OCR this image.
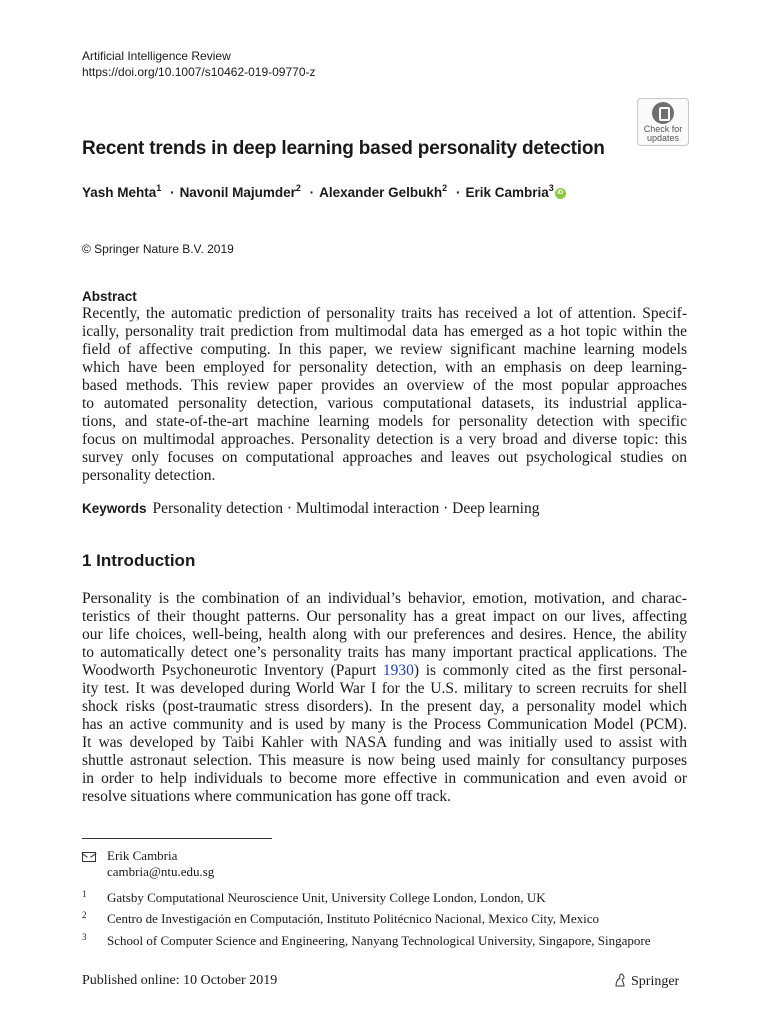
Artificial Intelligence Review
https://doi.org/10.1007/s10462-019-09770-z
Check for
updates
Recent trends in deep learning based personality detection
Yash Mehta$^1$ · Navonil Majumder$^2$ · Alexander Gelbukh$^2$ · Erik Cambria$^3$iD
© Springer Nature B.V. 2019
Abstract
Recently, the automatic prediction of personality traits has received a lot of attention. Specif-
ically, personality trait prediction from multimodal data has emerged as a hot topic within the
field of affective computing. In this paper, we review significant machine learning models
which have been employed for personality detection, with an emphasis on deep learning-
based methods. This review paper provides an overview of the most popular approaches
to automated personality detection, various computational datasets, its industrial applica-
tions, and state-of-the-art machine learning models for personality detection with specific
focus on multimodal approaches. Personality detection is a very broad and diverse topic: this
survey only focuses on computational approaches and leaves out psychological studies on
personality detection.
Keywords Personality detection · Multimodal interaction · Deep learning
1 Introduction
Personality is the combination of an individual’s behavior, emotion, motivation, and charac-
teristics of their thought patterns. Our personality has a great impact on our lives, affecting
our life choices, well-being, health along with our preferences and desires. Hence, the ability
to automatically detect one’s personality traits has many important practical applications. The
Woodworth Psychoneurotic Inventory (Papurt 1930) is commonly cited as the first personal-
ity test. It was developed during World War I for the U.S. military to screen recruits for shell
shock risks (post-traumatic stress disorders). In the present day, a personality model which
has an active community and is used by many is the Process Communication Model (PCM).
It was developed by Taibi Kahler with NASA funding and was initially used to assist with
shuttle astronaut selection. This measure is now being used mainly for consultancy purposes
in order to help individuals to become more effective in communication and even avoid or
resolve situations where communication has gone off track.
Erik Cambria
cambria@ntu.edu.sg
1 Gatsby Computational Neuroscience Unit, University College London, London, UK
2 Centro de Investigación en Computación, Instituto Politécnico Nacional, Mexico City, Mexico
3 School of Computer Science and Engineering, Nanyang Technological University, Singapore, Singapore
Published online: 10 October 2019	Springer
